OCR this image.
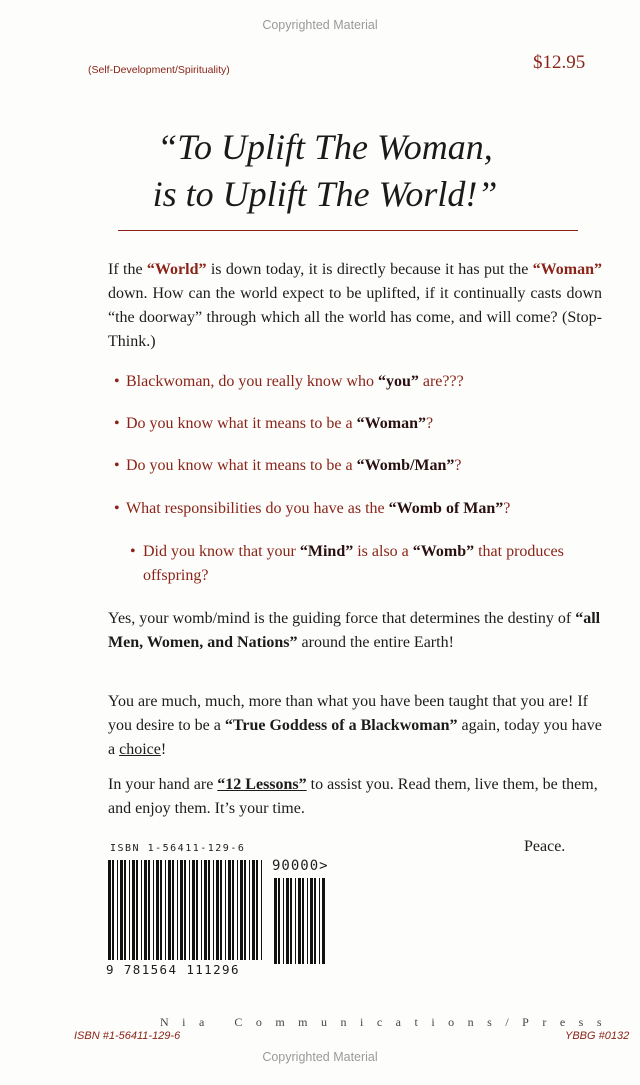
Copyrighted Material
(Self-Development/Spirituality)	$12.95
“To Uplift The Woman,
is to Uplift The World!”
If the “World” is down today, it is directly because it has put the “Woman” down. How can the world expect to be uplifted, if it continually casts down “the doorway” through which all the world has come, and will come? (Stop-Think.)
• Blackwoman, do you really know who “you” are???
• Do you know what it means to be a “Woman”?
• Do you know what it means to be a “Womb/Man”?
• What responsibilities do you have as the “Womb of Man”?
• Did you know that your “Mind” is also a “Womb” that produces offspring?
Yes, your womb/mind is the guiding force that determines the destiny of “all Men, Women, and Nations” around the entire Earth!
You are much, much, more than what you have been taught that you are! If you desire to be a “True Goddess of a Blackwoman” again, today you have a choice!
In your hand are “12 Lessons” to assist you. Read them, live them, be them, and enjoy them. It’s your time.
ISBN 1-56411-129-6	Peace.
90000>
9 781564 111296
Nia Communications/Press
ISBN #1-56411-129-6	YBBG #0132
Copyrighted Material
